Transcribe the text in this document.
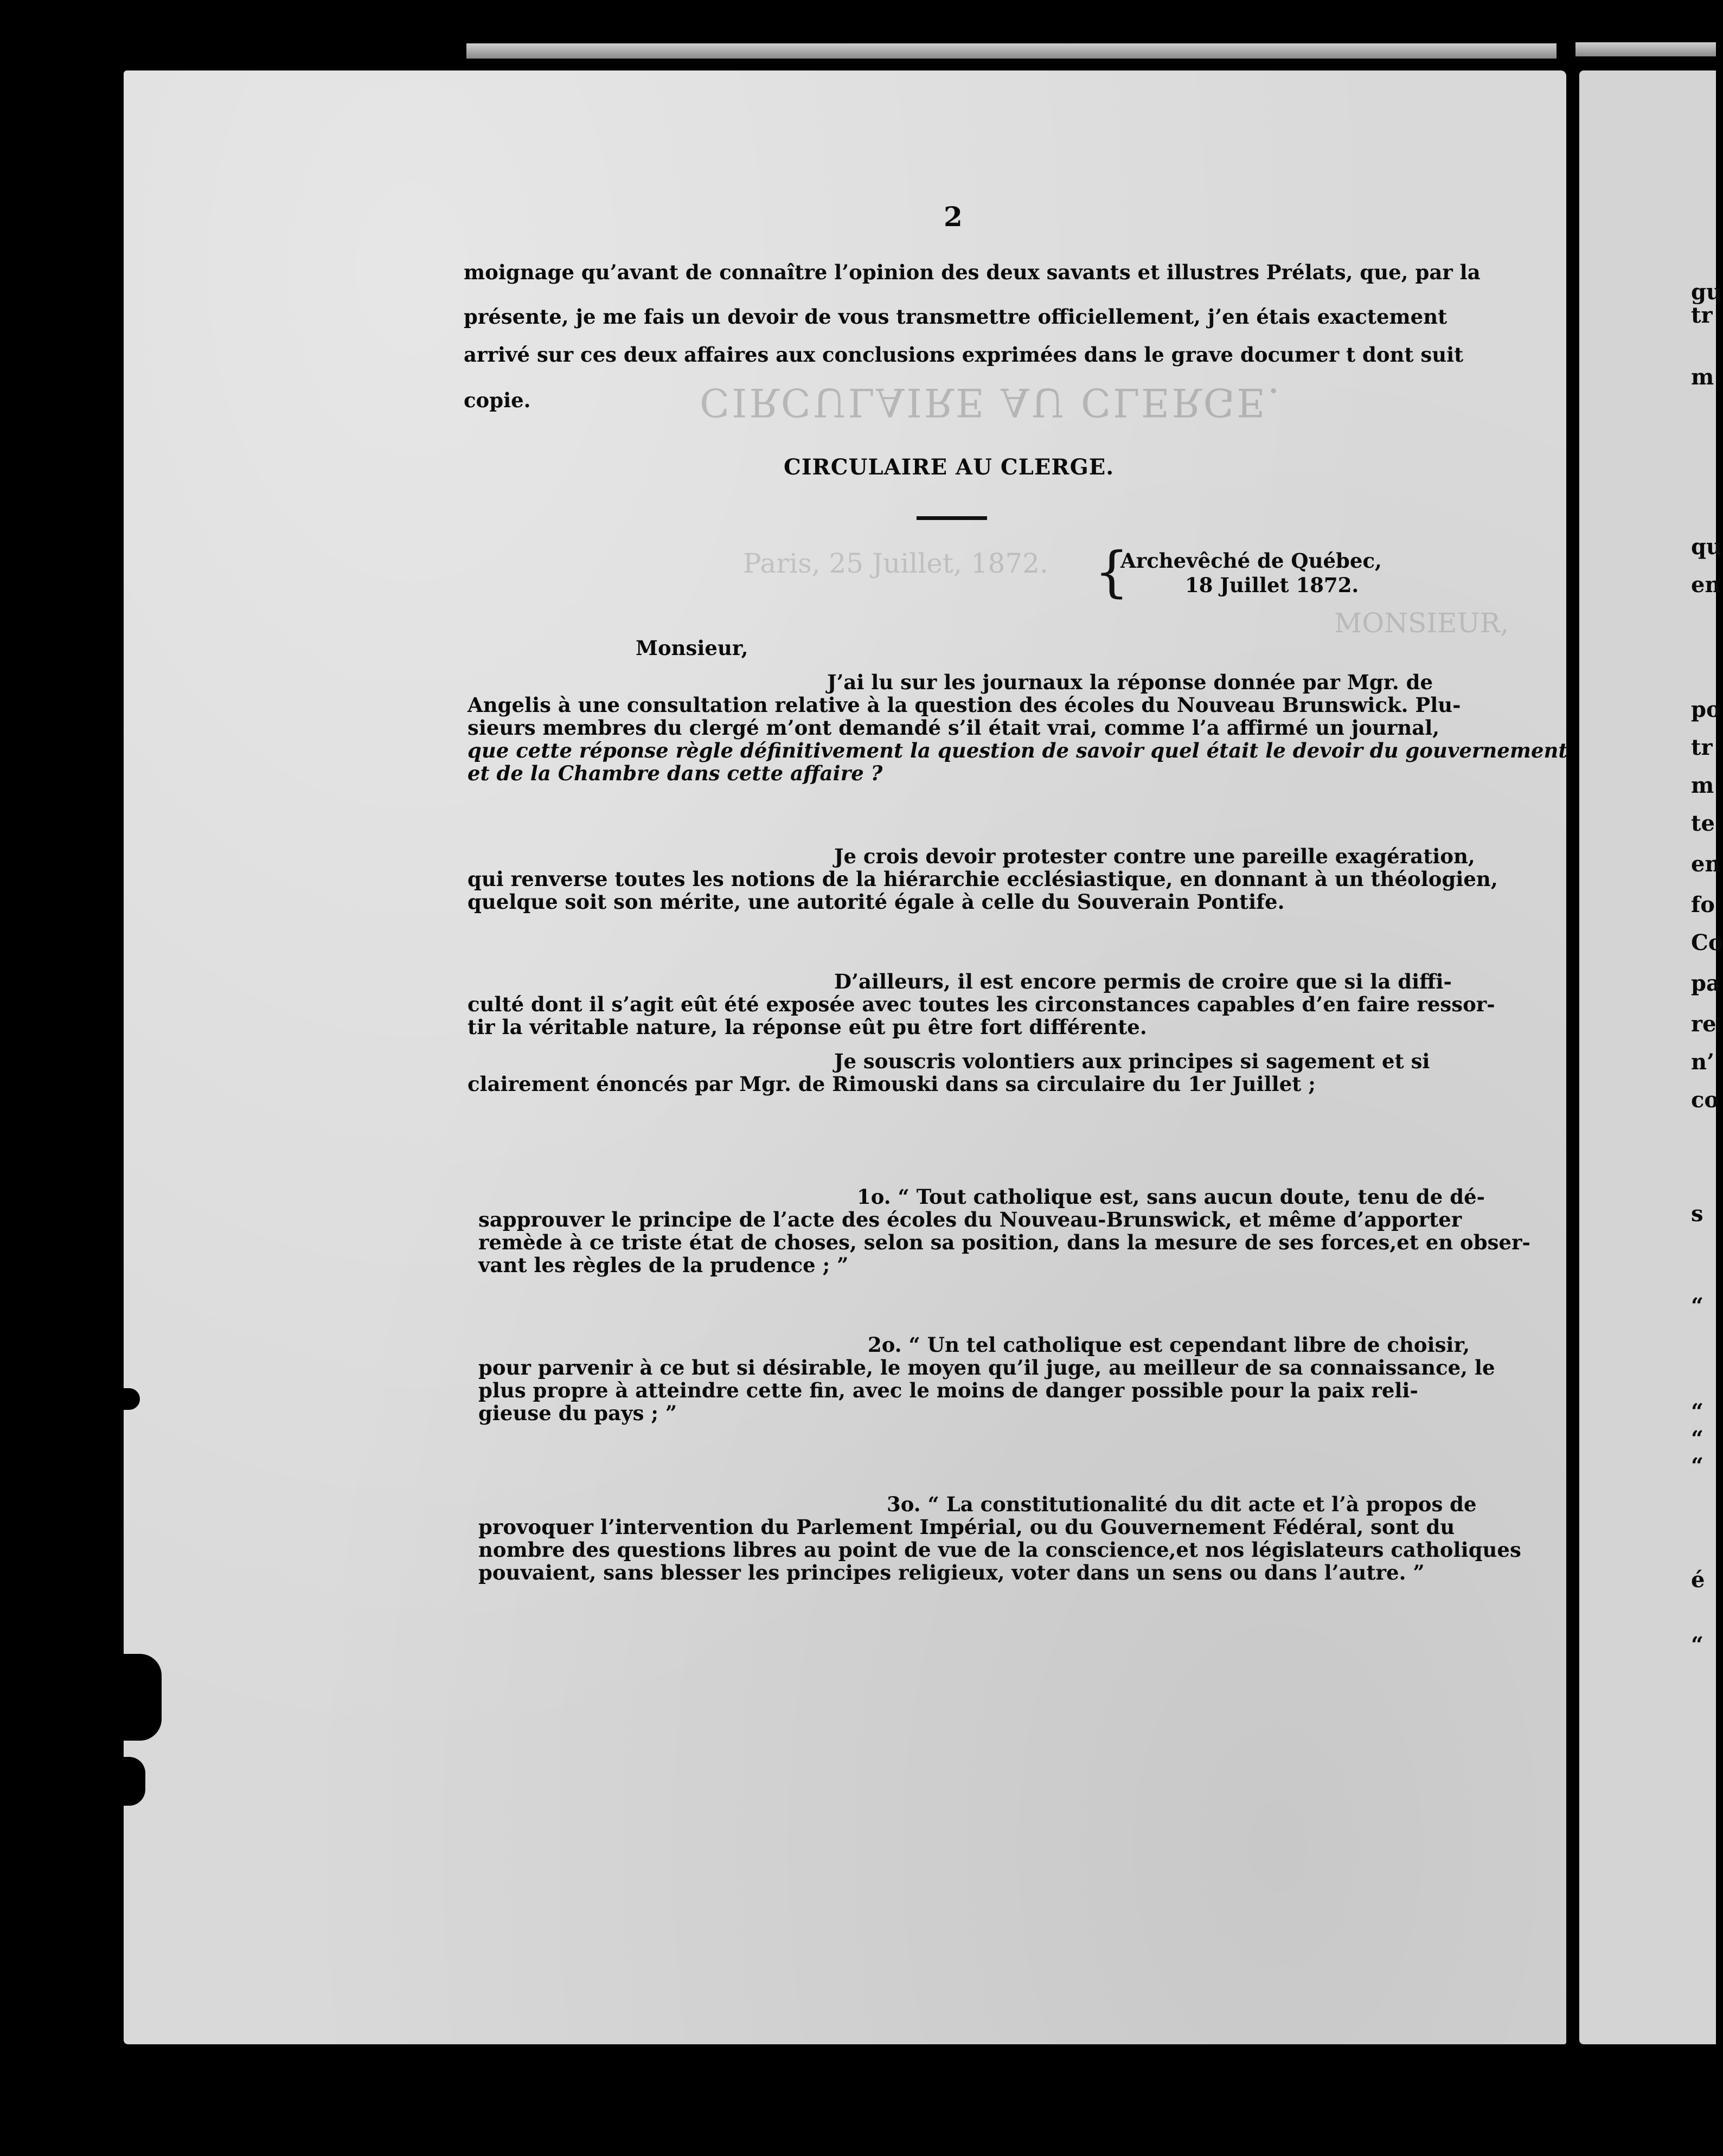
CIRCULAIRE AU CLERGE.
Paris, 25 Juillet, 1872.
MONSIEUR,
2
moignage qu’avant de connaître l’opinion des deux savants et illustres Prélats, que, par la
présente, je me fais un devoir de vous transmettre officiellement, j’en étais exactement
arrivé sur ces deux affaires aux conclusions exprimées dans le grave documer t dont suit
copie.
CIRCULAIRE AU CLERGE.
{
Archevêché de Québec,
18 Juillet 1872.
Monsieur,
J’ai lu sur les journaux la réponse donnée par Mgr. de
Angelis à une consultation relative à la question des écoles du Nouveau Brunswick. Plu-
sieurs membres du clergé m’ont demandé s’il était vrai, comme l’a affirmé un journal,
que cette réponse règle définitivement la question de savoir quel était le devoir du gouvernement
et de la Chambre dans cette affaire ?
Je crois devoir protester contre une pareille exagération,
qui renverse toutes les notions de la hiérarchie ecclésiastique, en donnant à un théologien,
quelque soit son mérite, une autorité égale à celle du Souverain Pontife.
D’ailleurs, il est encore permis de croire que si la diffi-
culté dont il s’agit eût été exposée avec toutes les circonstances capables d’en faire ressor-
tir la véritable nature, la réponse eût pu être fort différente.
Je souscris volontiers aux principes si sagement et si
clairement énoncés par Mgr. de Rimouski dans sa circulaire du 1er Juillet ;
1o. “ Tout catholique est, sans aucun doute, tenu de dé-
sapprouver le principe de l’acte des écoles du Nouveau-Brunswick, et même d’apporter
remède à ce triste état de choses, selon sa position, dans la mesure de ses forces,et en obser-
vant les règles de la prudence ; ”
2o. “ Un tel catholique est cependant libre de choisir,
pour parvenir à ce but si désirable, le moyen qu’il juge, au meilleur de sa connaissance, le
plus propre à atteindre cette fin, avec le moins de danger possible pour la paix reli-
gieuse du pays ; ”
3o. “ La constitutionalité du dit acte et l’à propos de
provoquer l’intervention du Parlement Impérial, ou du Gouvernement Fédéral, sont du
nombre des questions libres au point de vue de la conscience,et nos législateurs catholiques
pouvaient, sans blesser les principes religieux, voter dans un sens ou dans l’autre. ”
gu
tr
m
qu
en
po
tr
m
te
en
fo
Co
pa
re
n’
co
s
“
“
“
“
é
“
